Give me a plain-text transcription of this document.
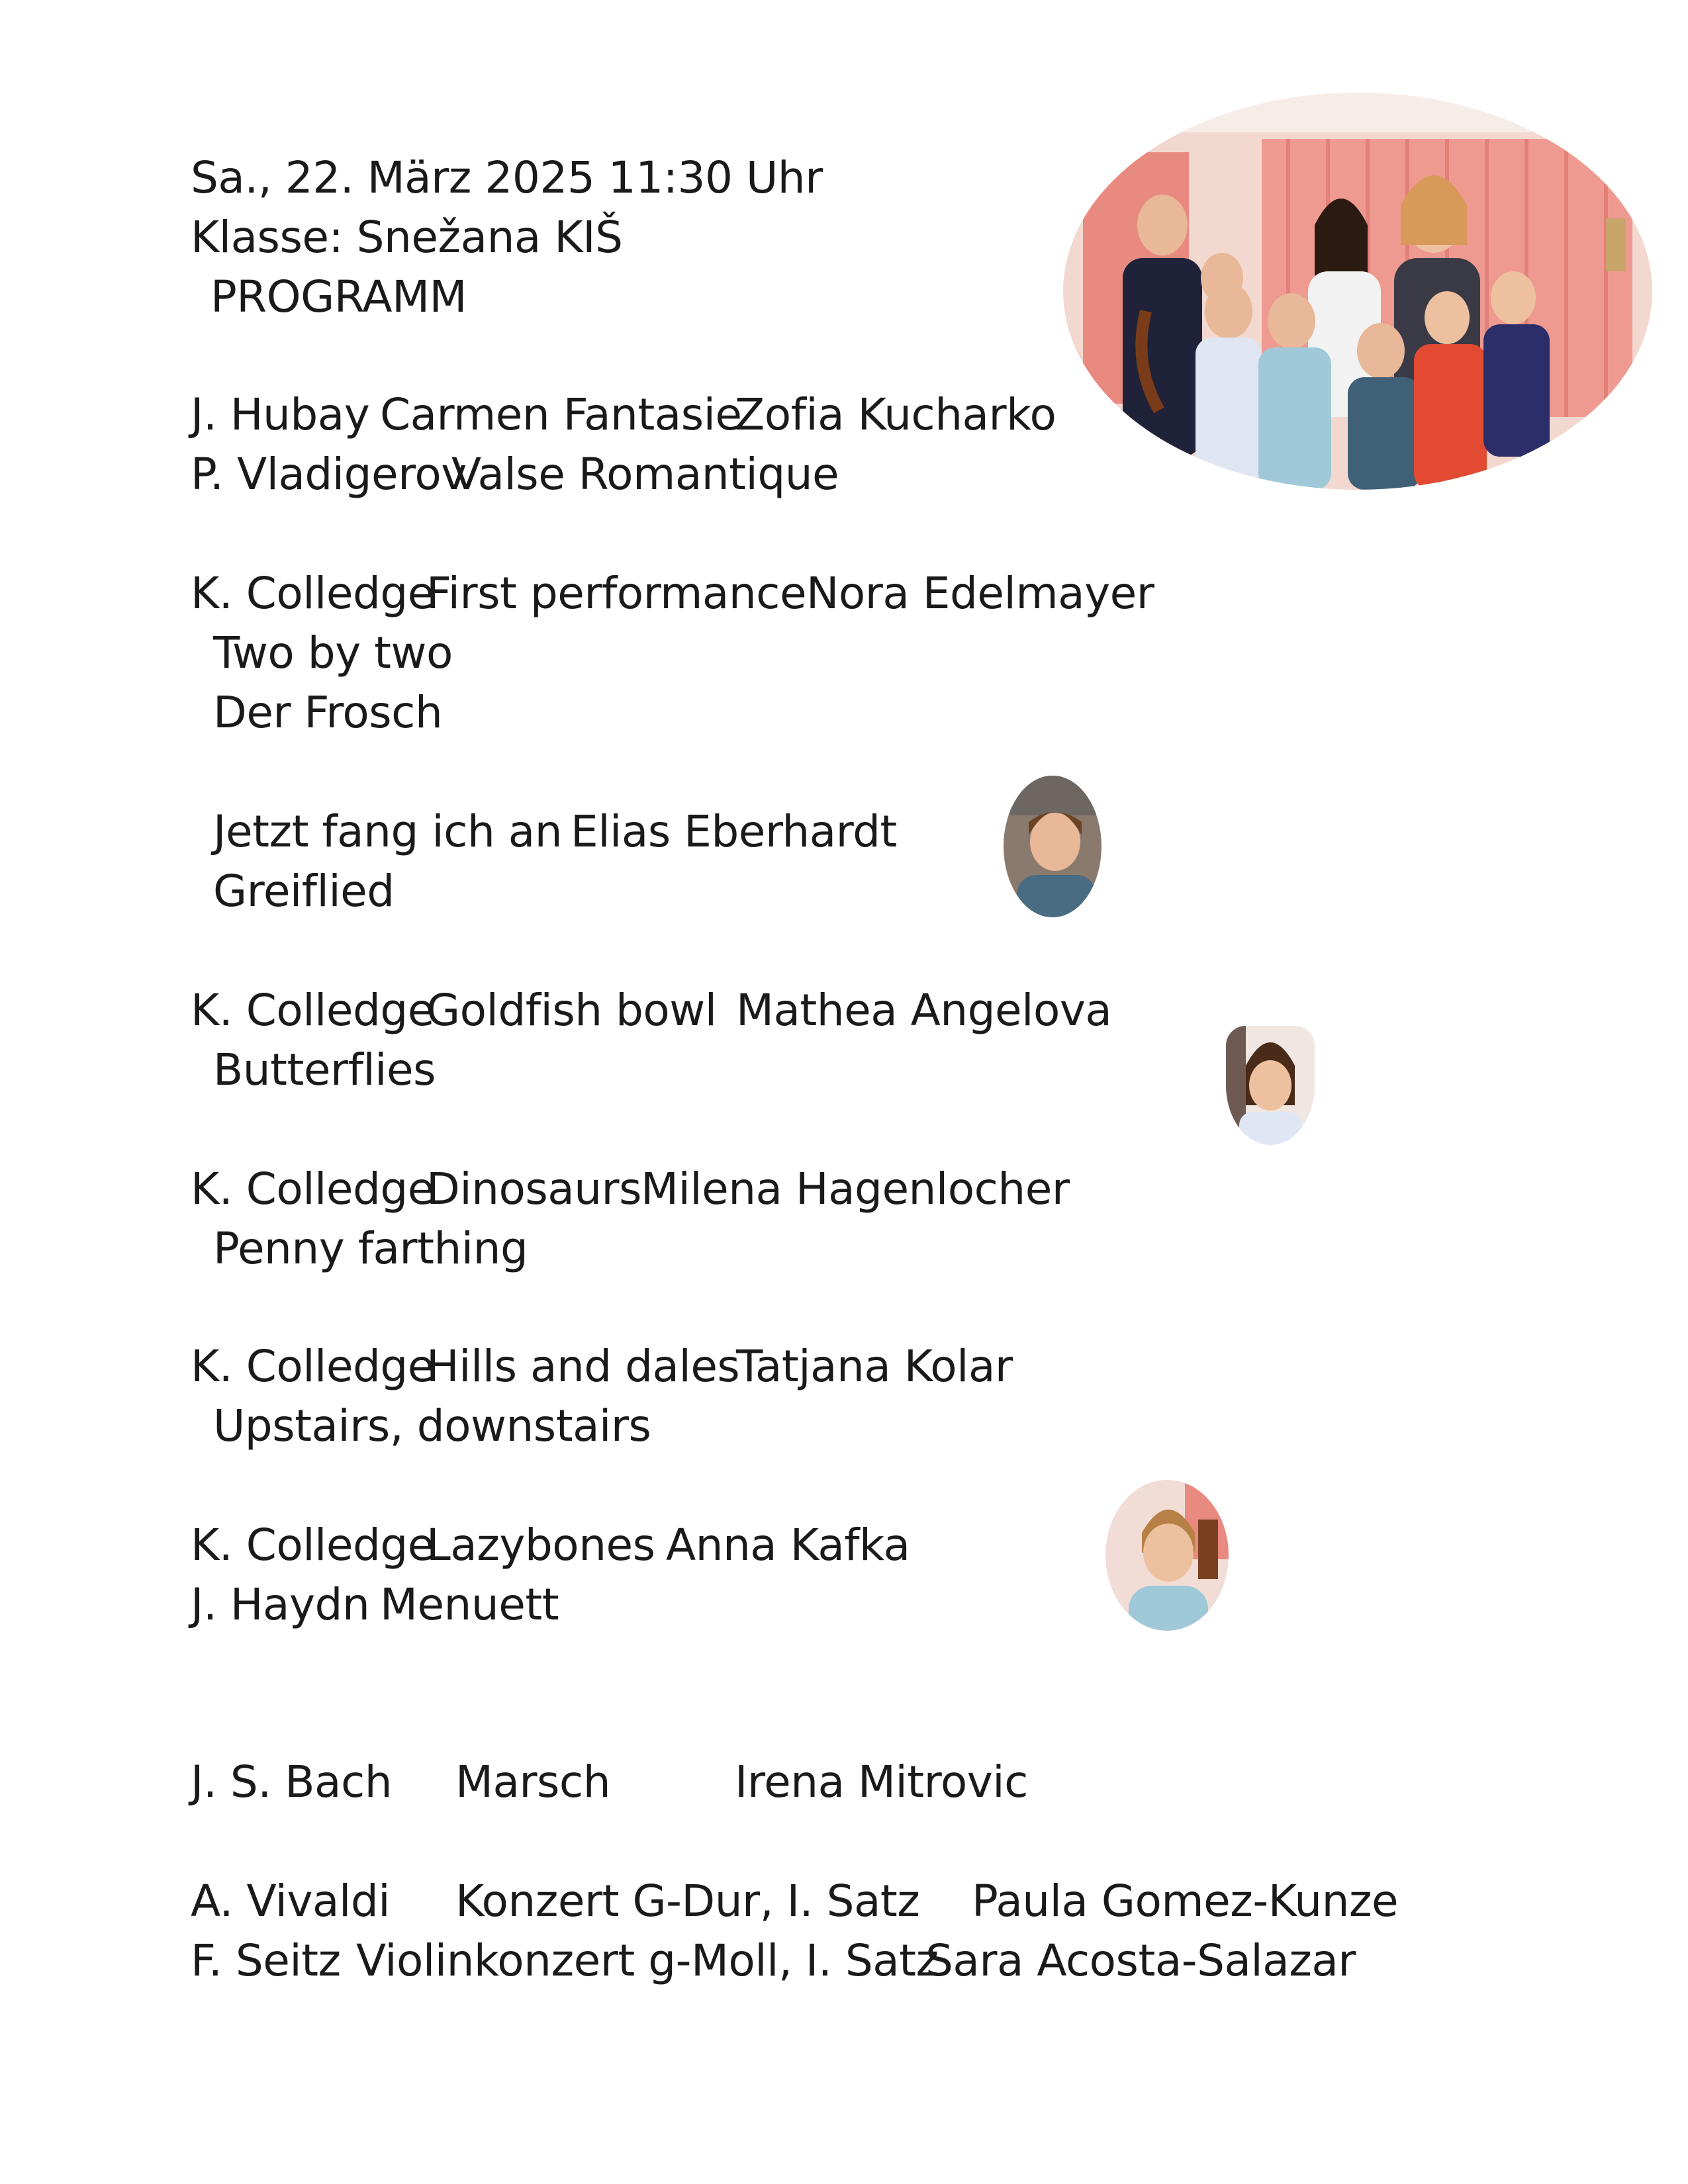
Sa., 22. März 2025 11:30 Uhr
Klasse: Snežana KIŠ
PROGRAMM

J. Hubay

Carmen Fantasie

Zofia Kucharko

P. Vladigerov

Valse Romantique

K. Colledge

First performance

Nora Edelmayer

Two by two
Der Frosch

Jetzt fang ich an

Elias Eberhardt

Greiflied

K. Colledge

Goldfish bowl

Mathea Angelova

Butterflies

K. Colledge

Dinosaurs

Milena Hagenlocher

Penny farthing

K. Colledge

Hills and dales

Tatjana Kolar

Upstairs, downstairs

K. Colledge

Lazybones

Anna Kafka

J. Haydn

Menuett

J. S. Bach

Marsch

	Irena Mitrovic

A. Vivaldi

Konzert G-Dur, I. Satz

Paula Gomez-Kunze

F. Seitz

Violinkonzert g-Moll, I. Satz

Sara Acosta-Salazar
